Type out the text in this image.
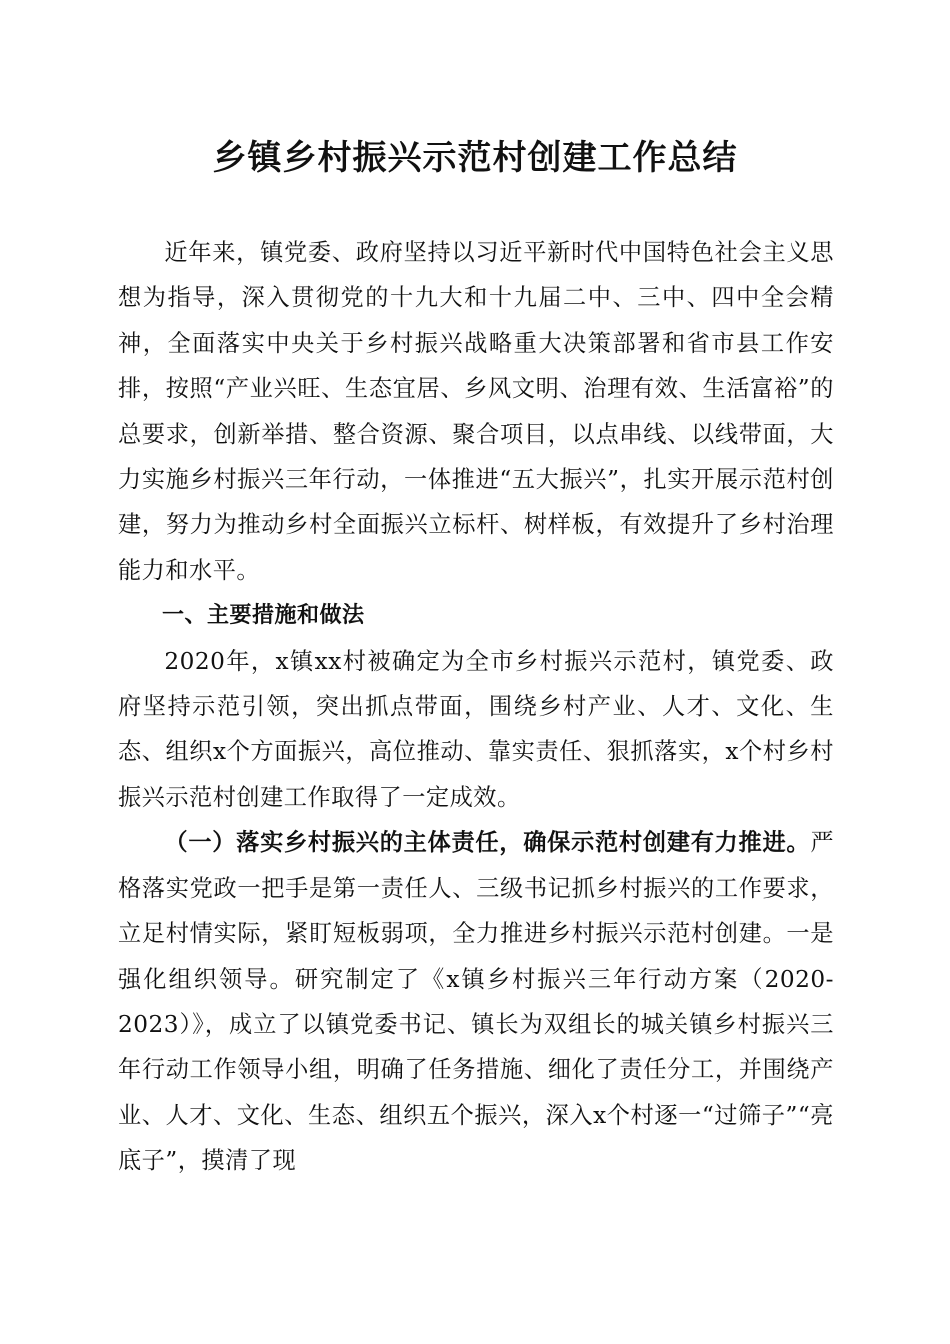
乡镇乡村振兴示范村创建工作总结

近年来，镇党委、政府坚持以习近平新时代中国特色社会主义思想为指导，深入贯彻党的十九大和十九届二中、三中、四中全会精神，全面落实中央关于乡村振兴战略重大决策部署和省市县工作安排，按照“产业兴旺、生态宜居、乡风文明、治理有效、生活富裕”的总要求，创新举措、整合资源、聚合项目，以点串线、以线带面，大力实施乡村振兴三年行动，一体推进“五大振兴”，扎实开展示范村创建，努力为推动乡村全面振兴立标杆、树样板，有效提升了乡村治理能力和水平。

一、主要措施和做法

2020年，x镇xx村被确定为全市乡村振兴示范村，镇党委、政府坚持示范引领，突出抓点带面，围绕乡村产业、人才、文化、生态、组织x个方面振兴，高位推动、靠实责任、狠抓落实，x个村乡村振兴示范村创建工作取得了一定成效。

（一）落实乡村振兴的主体责任，确保示范村创建有力推进。严格落实党政一把手是第一责任人、三级书记抓乡村振兴的工作要求，立足村情实际，紧盯短板弱项，全力推进乡村振兴示范村创建。一是强化组织领导。研究制定了《x镇乡村振兴三年行动方案（2020-2023）》，成立了以镇党委书记、镇长为双组长的城关镇乡村振兴三年行动工作领导小组，明确了任务措施、细化了责任分工，并围绕产业、人才、文化、生态、组织五个振兴，深入x个村逐一“过筛子”“亮底子”，摸清了现
